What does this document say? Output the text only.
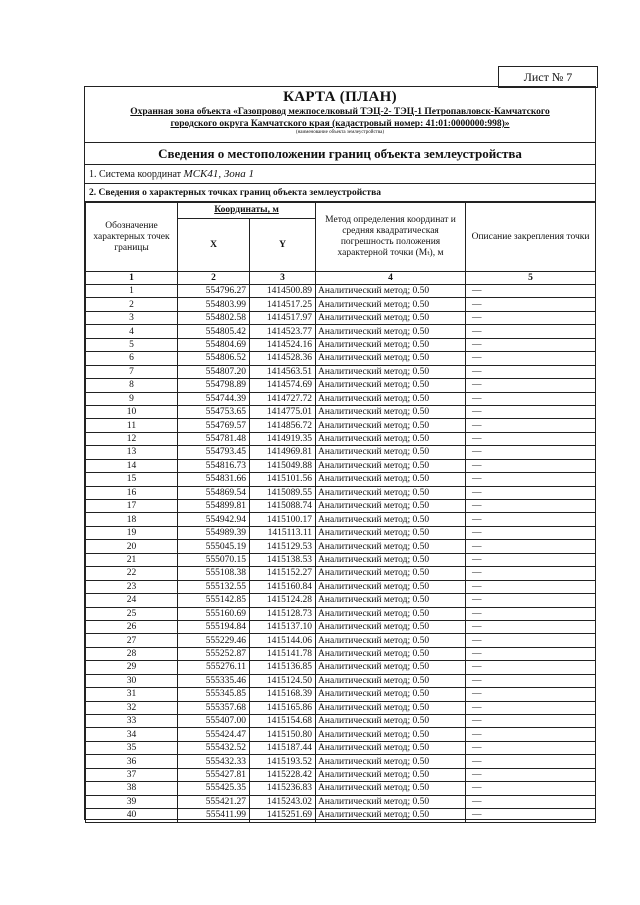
Лист № 7
КАРТА (ПЛАН)
Охранная зона объекта «Газопровод межпоселковый ТЭЦ-2- ТЭЦ-1 Петропавловск-Камчатского
городского округа Камчатского края (кадастровый номер: 41:01:0000000:998)»
(наименование объекта землеустройства)
Сведения о местоположении границ объекта землеустройства
1. Система координат МСК41, Зона 1
2. Сведения о характерных точках границ объекта землеустройства
Обозначение характерных точек границы	Координаты, м		Метод определения координат и средняя квадратическая погрешность положения характерной точки (Mₜ), м	Описание закрепления точки
	X	Y		
1	2	3	4	5
1	554796.27	1414500.89	Аналитический метод; 0.50	—
2	554803.99	1414517.25	Аналитический метод; 0.50	—
3	554802.58	1414517.97	Аналитический метод; 0.50	—
4	554805.42	1414523.77	Аналитический метод; 0.50	—
5	554804.69	1414524.16	Аналитический метод; 0.50	—
6	554806.52	1414528.36	Аналитический метод; 0.50	—
7	554807.20	1414563.51	Аналитический метод; 0.50	—
8	554798.89	1414574.69	Аналитический метод; 0.50	—
9	554744.39	1414727.72	Аналитический метод; 0.50	—
10	554753.65	1414775.01	Аналитический метод; 0.50	—
11	554769.57	1414856.72	Аналитический метод; 0.50	—
12	554781.48	1414919.35	Аналитический метод; 0.50	—
13	554793.45	1414969.81	Аналитический метод; 0.50	—
14	554816.73	1415049.88	Аналитический метод; 0.50	—
15	554831.66	1415101.56	Аналитический метод; 0.50	—
16	554869.54	1415089.55	Аналитический метод; 0.50	—
17	554899.81	1415088.74	Аналитический метод; 0.50	—
18	554942.94	1415100.17	Аналитический метод; 0.50	—
19	554989.39	1415113.11	Аналитический метод; 0.50	—
20	555045.19	1415129.53	Аналитический метод; 0.50	—
21	555070.15	1415138.53	Аналитический метод; 0.50	—
22	555108.38	1415152.27	Аналитический метод; 0.50	—
23	555132.55	1415160.84	Аналитический метод; 0.50	—
24	555142.85	1415124.28	Аналитический метод; 0.50	—
25	555160.69	1415128.73	Аналитический метод; 0.50	—
26	555194.84	1415137.10	Аналитический метод; 0.50	—
27	555229.46	1415144.06	Аналитический метод; 0.50	—
28	555252.87	1415141.78	Аналитический метод; 0.50	—
29	555276.11	1415136.85	Аналитический метод; 0.50	—
30	555335.46	1415124.50	Аналитический метод; 0.50	—
31	555345.85	1415168.39	Аналитический метод; 0.50	—
32	555357.68	1415165.86	Аналитический метод; 0.50	—
33	555407.00	1415154.68	Аналитический метод; 0.50	—
34	555424.47	1415150.80	Аналитический метод; 0.50	—
35	555432.52	1415187.44	Аналитический метод; 0.50	—
36	555432.33	1415193.52	Аналитический метод; 0.50	—
37	555427.81	1415228.42	Аналитический метод; 0.50	—
38	555425.35	1415236.83	Аналитический метод; 0.50	—
39	555421.27	1415243.02	Аналитический метод; 0.50	—
40	555411.99	1415251.69	Аналитический метод; 0.50	—
